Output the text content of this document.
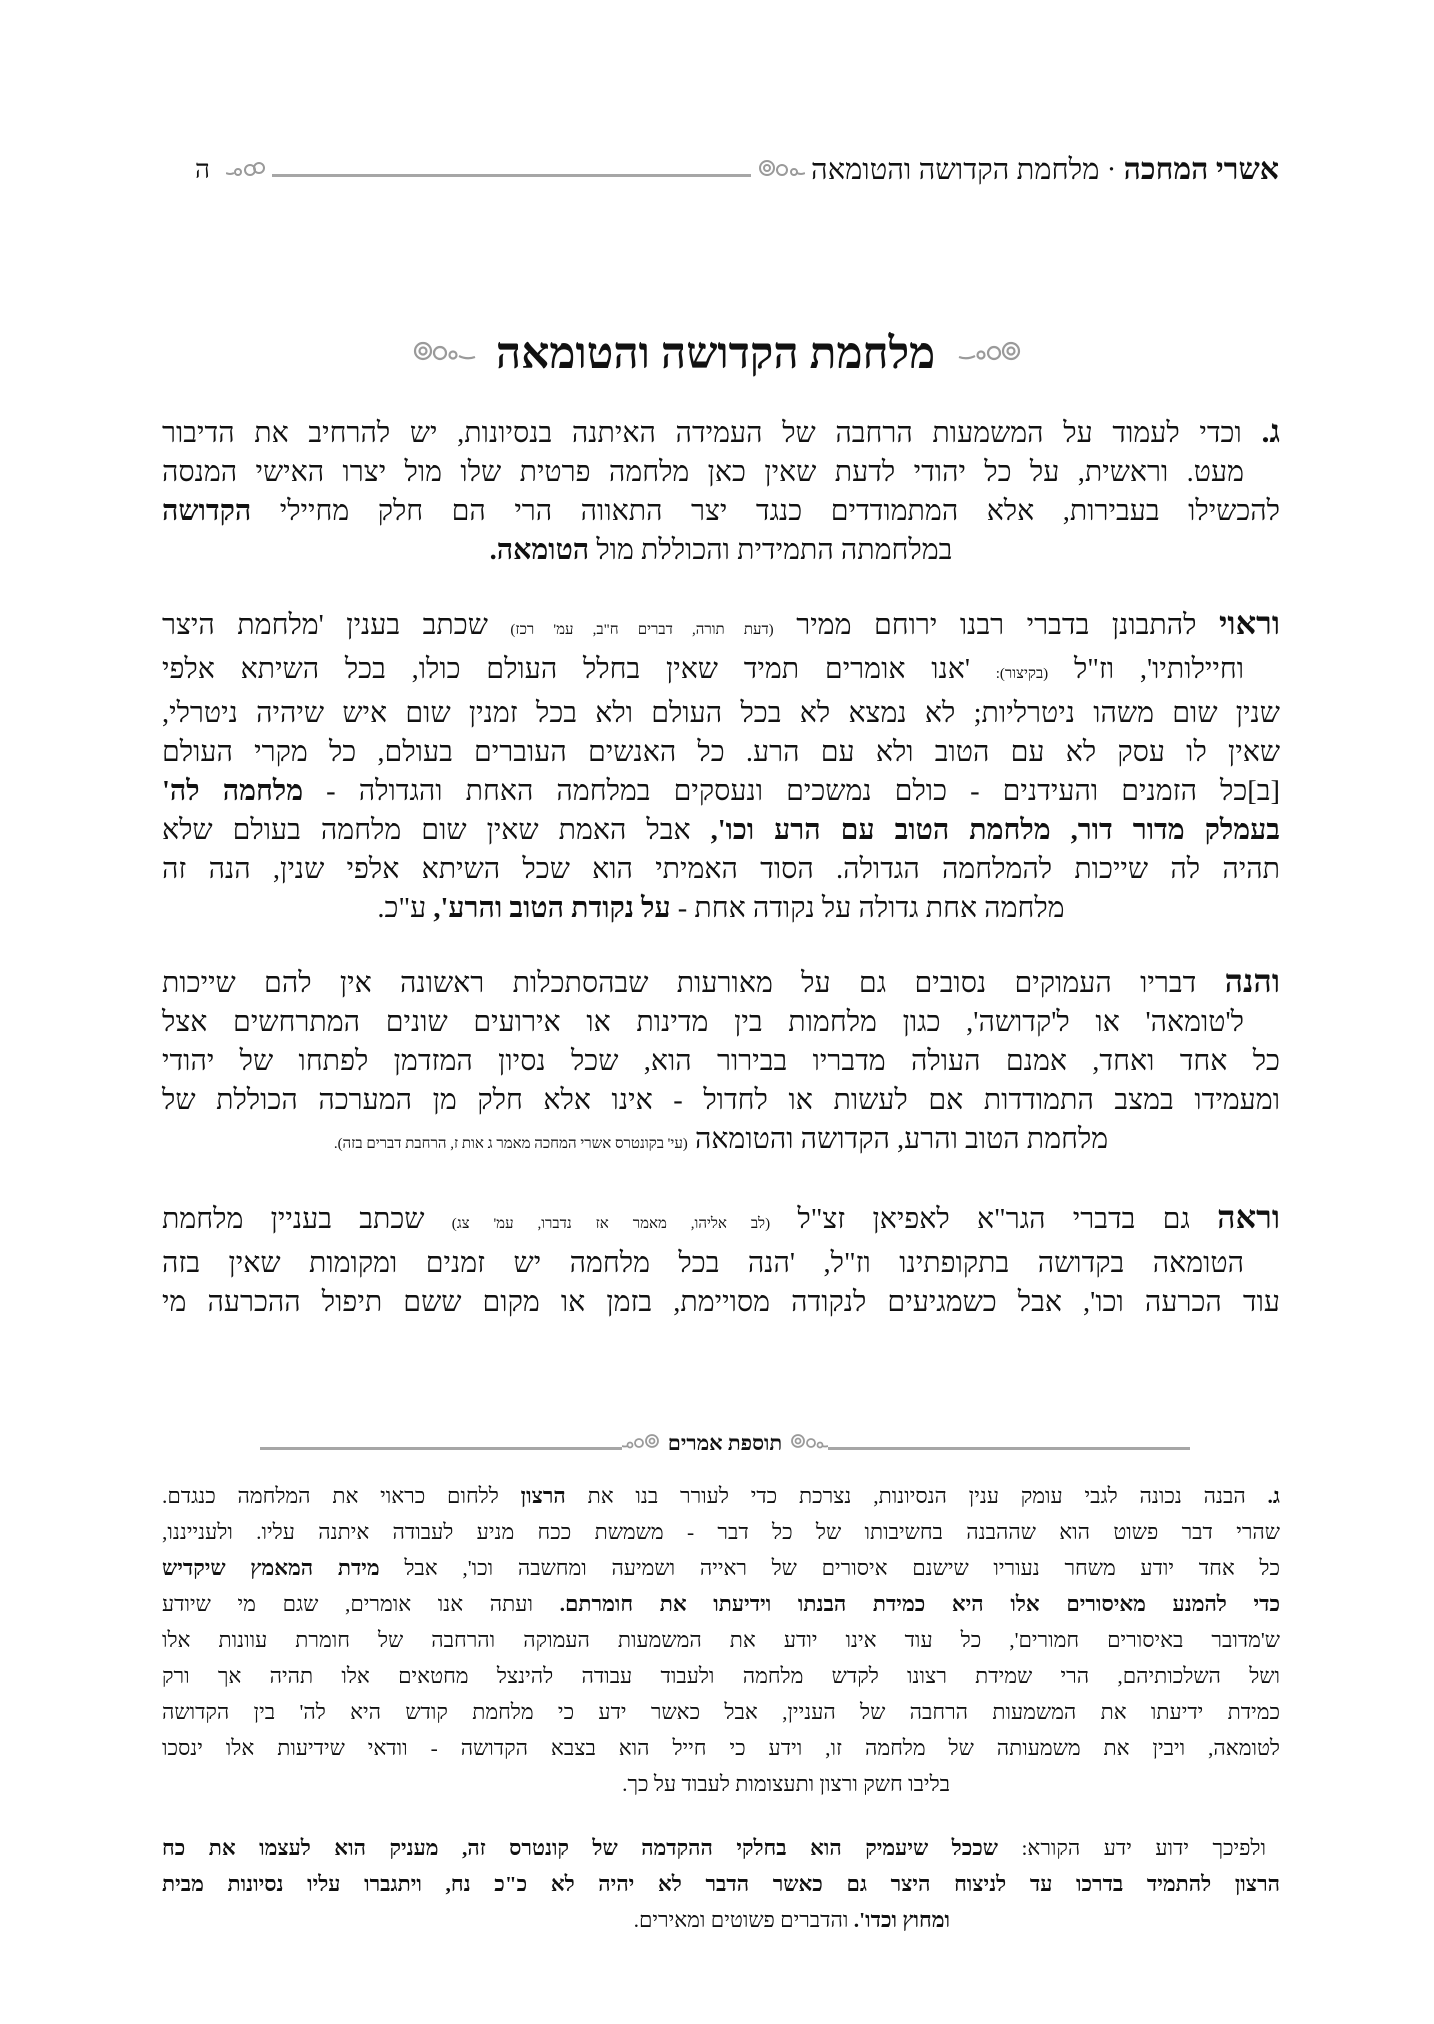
אשרי המחכה
·
מלחמת הקדושה והטומאה
ה
מלחמת הקדושה והטומאה
ג. וכדי לעמוד על המשמעות הרחבה של העמידה האיתנה בנסיונות, יש להרחיב את הדיבור
מעט. וראשית, על כל יהודי לדעת שאין כאן מלחמה פרטית שלו מול יצרו האישי המנסה
להכשילו בעבירות, אלא המתמודדים כנגד יצר התאווה הרי הם חלק מחיילי הקדושה
במלחמתה התמידית והכוללת מול הטומאה.
וראוי להתבונן בדברי רבנו ירוחם ממיר (דעת תורה, דברים ח"ב, עמ' רכז) שכתב בענין 'מלחמת היצר
וחיילותיו', וז"ל (בקיצור): 'אנו אומרים תמיד שאין בחלל העולם כולו, בכל השיתא אלפי
שנין שום משהו ניטרליות; לא נמצא לא בכל העולם ולא בכל זמנין שום איש שיהיה ניטרלי,
שאין לו עסק לא עם הטוב ולא עם הרע. כל האנשים העוברים בעולם, כל מקרי העולם
[ב]כל הזמנים והעידנים - כולם נמשכים ונעסקים במלחמה האחת והגדולה - מלחמה לה'
בעמלק מדור דור, מלחמת הטוב עם הרע וכו', אבל האמת שאין שום מלחמה בעולם שלא
תהיה לה שייכות להמלחמה הגדולה. הסוד האמיתי הוא שכל השיתא אלפי שנין, הנה זה
מלחמה אחת גדולה על נקודה אחת - על נקודת הטוב והרע', ע"כ.
והנה דבריו העמוקים נסובים גם על מאורעות שבהסתכלות ראשונה אין להם שייכות
ל'טומאה' או ל'קדושה', כגון מלחמות בין מדינות או אירועים שונים המתרחשים אצל
כל אחד ואחד, אמנם העולה מדבריו בבירור הוא, שכל נסיון המזדמן לפתחו של יהודי
ומעמידו במצב התמודדות אם לעשות או לחדול - אינו אלא חלק מן המערכה הכוללת של
מלחמת הטוב והרע, הקדושה והטומאה (עי' בקונטרס אשרי המחכה מאמר ג אות ז, הרחבת דברים בזה).
וראה גם בדברי הגר"א לאפיאן זצ"ל (לב אליהו, מאמר אז נדברו, עמ' צג) שכתב בעניין מלחמת
הטומאה בקדושה בתקופתינו וז"ל, 'הנה בכל מלחמה יש זמנים ומקומות שאין בזה
עוד הכרעה וכו', אבל כשמגיעים לנקודה מסויימת, בזמן או מקום ששם תיפול ההכרעה מי
תוספת אמרים
ג. הבנה נכונה לגבי עומק ענין הנסיונות, נצרכת כדי לעורר בנו את הרצון ללחום כראוי את המלחמה כנגדם.
שהרי דבר פשוט הוא שההבנה בחשיבותו של כל דבר - משמשת ככח מניע לעבודה איתנה עליו. ולענייננו,
כל אחד יודע משחר נעוריו שישנם איסורים של ראייה ושמיעה ומחשבה וכו', אבל מידת המאמץ שיקדיש
כדי להמנע מאיסורים אלו היא כמידת הבנתו וידיעתו את חומרתם. ועתה אנו אומרים, שגם מי שיודע
ש'מדובר באיסורים חמורים', כל עוד אינו יודע את המשמעות העמוקה והרחבה של חומרת עוונות אלו
ושל השלכותיהם, הרי שמידת רצונו לקדש מלחמה ולעבוד עבודה להינצל מחטאים אלו תהיה אך ורק
כמידת ידיעתו את המשמעות הרחבה של העניין, אבל כאשר ידע כי מלחמת קודש היא לה' בין הקדושה
לטומאה, ויבין את משמעותה של מלחמה זו, וידע כי חייל הוא בצבא הקדושה - וודאי שידיעות אלו ינסכו
בליבו חשק ורצון ותעצומות לעבוד על כך.
ולפיכך ידוע ידע הקורא: שככל שיעמיק הוא בחלקי ההקדמה של קונטרס זה, מעניק הוא לעצמו את כח
הרצון להתמיד בדרכו עד לניצוח היצר גם כאשר הדבר לא יהיה לא כ"כ נח, ויתגברו עליו נסיונות מבית
ומחוץ וכדו'. והדברים פשוטים ומאירים.
